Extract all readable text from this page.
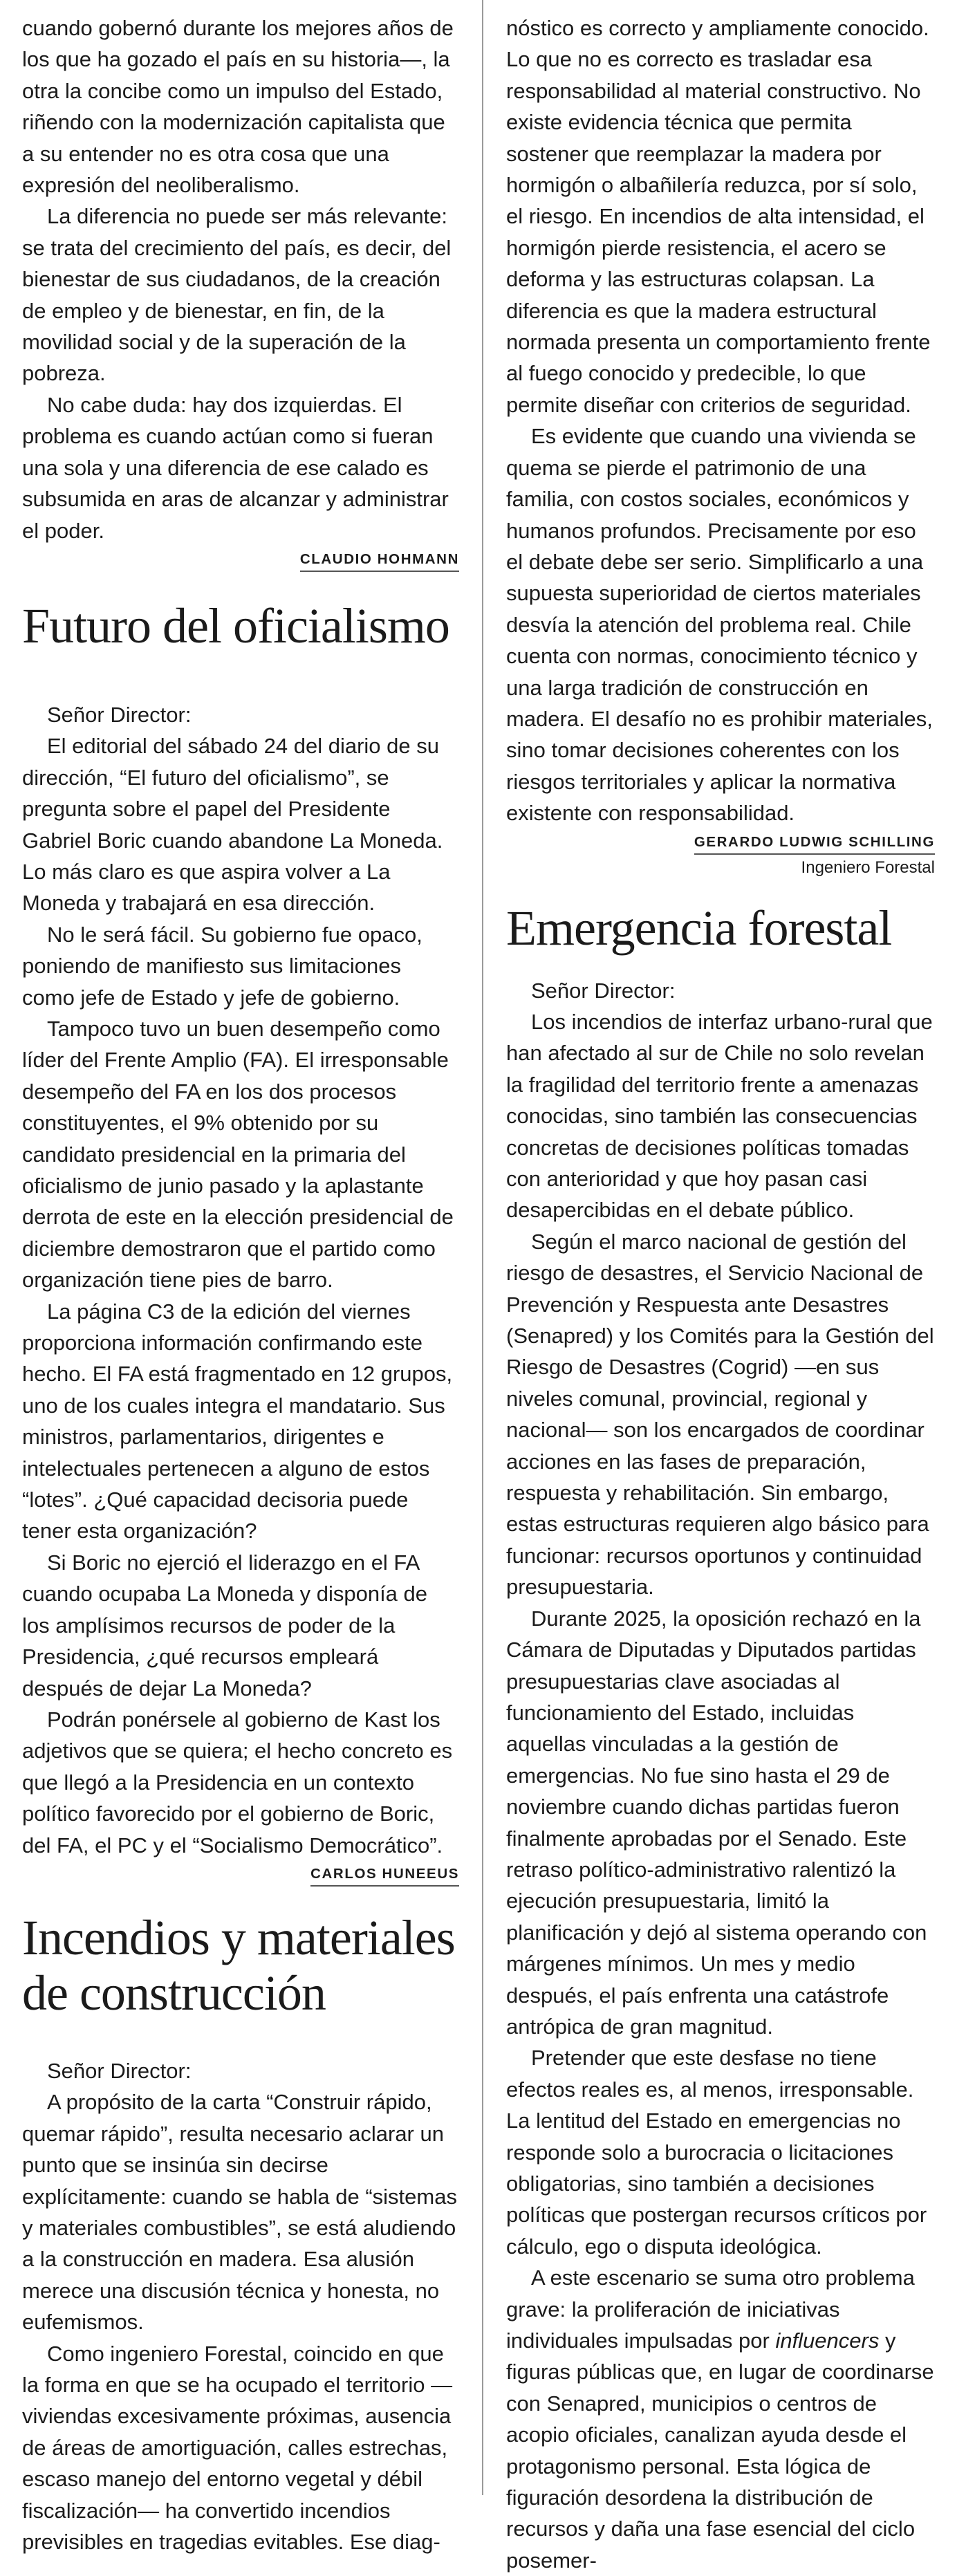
cuando gobernó durante los mejores años de los que ha gozado el país en su historia—, la otra la concibe como un impulso del Estado, riñendo con la modernización capitalista que a su entender no es otra cosa que una expresión del neoliberalismo.

La diferencia no puede ser más relevante: se trata del crecimiento del país, es decir, del bienestar de sus ciudadanos, de la creación de empleo y de bienestar, en fin, de la movilidad social y de la superación de la pobreza.

No cabe duda: hay dos izquierdas. El problema es cuando actúan como si fueran una sola y una diferencia de ese calado es subsumida en aras de alcanzar y administrar el poder.

CLAUDIO HOHMANN
Futuro del oficialismo

Señor Director:

El editorial del sábado 24 del diario de su dirección, “El futuro del oficialismo”, se pregunta sobre el papel del Presidente Gabriel Boric cuando abandone La Moneda. Lo más claro es que aspira volver a La Moneda y trabajará en esa dirección.

No le será fácil. Su gobierno fue opaco, poniendo de manifiesto sus limitaciones como jefe de Estado y jefe de gobierno.

Tampoco tuvo un buen desempeño como líder del Frente Amplio (FA). El irresponsable desempeño del FA en los dos procesos constituyentes, el 9% obtenido por su candidato presidencial en la primaria del oficialismo de junio pasado y la aplastante derrota de este en la elección presidencial de diciembre demostraron que el partido como organización tiene pies de barro.

La página C3 de la edición del viernes proporciona información confirmando este hecho. El FA está fragmentado en 12 grupos, uno de los cuales integra el mandatario. Sus ministros, parlamentarios, dirigentes e intelectuales pertenecen a alguno de estos “lotes”. ¿Qué capacidad decisoria puede tener esta organización?

Si Boric no ejerció el liderazgo en el FA cuando ocupaba La Moneda y disponía de los amplísimos recursos de poder de la Presidencia, ¿qué recursos empleará después de dejar La Moneda?

Podrán ponérsele al gobierno de Kast los adjetivos que se quiera; el hecho concreto es que llegó a la Presidencia en un contexto político favorecido por el gobierno de Boric, del FA, el PC y el “Socialismo Democrático”.

CARLOS HUNEEUS
Incendios y materiales
de construcción

Señor Director:

A propósito de la carta “Construir rápido, quemar rápido”, resulta necesario aclarar un punto que se insinúa sin decirse explícitamente: cuando se habla de “sistemas y materiales combustibles”, se está aludiendo a la construcción en madera. Esa alusión merece una discusión técnica y honesta, no eufemismos.

Como ingeniero Forestal, coincido en que la forma en que se ha ocupado el territorio —viviendas excesivamente próximas, ausencia de áreas de amortiguación, calles estrechas, escaso manejo del entorno vegetal y débil fiscalización— ha convertido incendios previsibles en tragedias evitables. Ese diag-

nóstico es correcto y ampliamente conocido. Lo que no es correcto es trasladar esa responsabilidad al material constructivo. No existe evidencia técnica que permita sostener que reemplazar la madera por hormigón o albañilería reduzca, por sí solo, el riesgo. En incendios de alta intensidad, el hormigón pierde resistencia, el acero se deforma y las estructuras colapsan. La diferencia es que la madera estructural normada presenta un comportamiento frente al fuego conocido y predecible, lo que permite diseñar con criterios de seguridad.

Es evidente que cuando una vivienda se quema se pierde el patrimonio de una familia, con costos sociales, económicos y humanos profundos. Precisamente por eso el debate debe ser serio. Simplificarlo a una supuesta superioridad de ciertos materiales desvía la atención del problema real. Chile cuenta con normas, conocimiento técnico y una larga tradición de construcción en madera. El desafío no es prohibir materiales, sino tomar decisiones coherentes con los riesgos territoriales y aplicar la normativa existente con responsabilidad.

GERARDO LUDWIG SCHILLING
Ingeniero Forestal
Emergencia forestal

Señor Director:

Los incendios de interfaz urbano-rural que han afectado al sur de Chile no solo revelan la fragilidad del territorio frente a amenazas conocidas, sino también las consecuencias concretas de decisiones políticas tomadas con anterioridad y que hoy pasan casi desapercibidas en el debate público.

Según el marco nacional de gestión del riesgo de desastres, el Servicio Nacional de Prevención y Respuesta ante Desastres (Senapred) y los Comités para la Gestión del Riesgo de Desastres (Cogrid) —en sus niveles comunal, provincial, regional y nacional— son los encargados de coordinar acciones en las fases de preparación, respuesta y rehabilitación. Sin embargo, estas estructuras requieren algo básico para funcionar: recursos oportunos y continuidad presupuestaria.

Durante 2025, la oposición rechazó en la Cámara de Diputadas y Diputados partidas presupuestarias clave asociadas al funcionamiento del Estado, incluidas aquellas vinculadas a la gestión de emergencias. No fue sino hasta el 29 de noviembre cuando dichas partidas fueron finalmente aprobadas por el Senado. Este retraso político-administrativo ralentizó la ejecución presupuestaria, limitó la planificación y dejó al sistema operando con márgenes mínimos. Un mes y medio después, el país enfrenta una catástrofe antrópica de gran magnitud.

Pretender que este desfase no tiene efectos reales es, al menos, irresponsable. La lentitud del Estado en emergencias no responde solo a burocracia o licitaciones obligatorias, sino también a decisiones políticas que postergan recursos críticos por cálculo, ego o disputa ideológica.

A este escenario se suma otro problema grave: la proliferación de iniciativas individuales impulsadas por influencers y figuras públicas que, en lugar de coordinarse con Senapred, municipios o centros de acopio oficiales, canalizan ayuda desde el protagonismo personal. Esta lógica de figuración desordena la distribución de recursos y daña una fase esencial del ciclo posemer-
